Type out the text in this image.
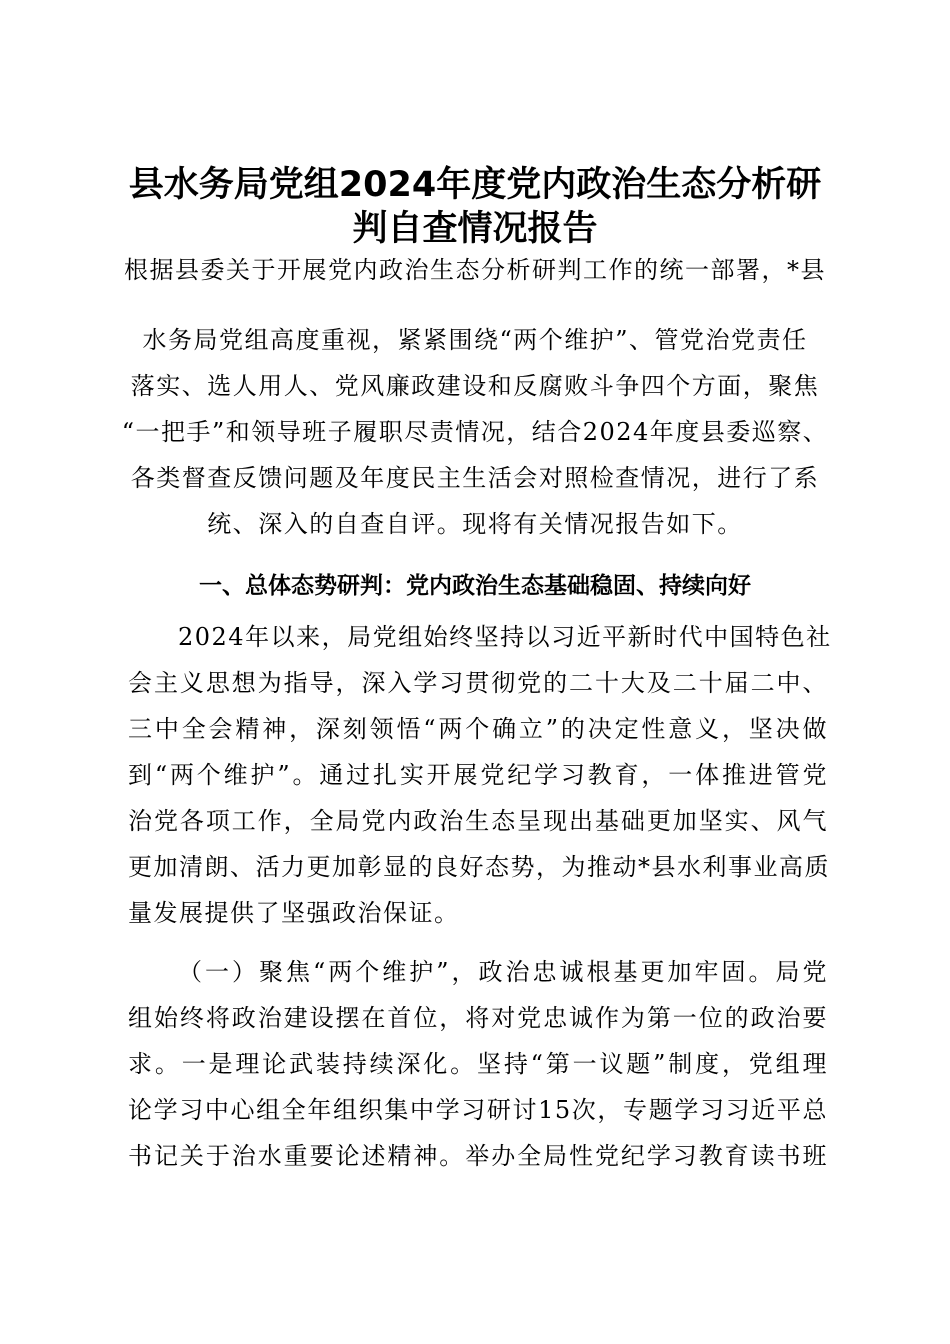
县水务局党组2024年度党内政治生态分析研
判自查情况报告
根据县委关于开展党内政治生态分析研判工作的统一部署，*县
水务局党组高度重视，紧紧围绕“两个维护”、管党治党责任
落实、选人用人、党风廉政建设和反腐败斗争四个方面，聚焦
“一把手”和领导班子履职尽责情况，结合2024年度县委巡察、
各类督查反馈问题及年度民主生活会对照检查情况，进行了系
统、深入的自查自评。现将有关情况报告如下。
一、总体态势研判：党内政治生态基础稳固、持续向好
2024年以来，局党组始终坚持以习近平新时代中国特色社
会主义思想为指导，深入学习贯彻党的二十大及二十届二中、
三中全会精神，深刻领悟“两个确立”的决定性意义，坚决做
到“两个维护”。通过扎实开展党纪学习教育，一体推进管党
治党各项工作，全局党内政治生态呈现出基础更加坚实、风气
更加清朗、活力更加彰显的良好态势，为推动*县水利事业高质
量发展提供了坚强政治保证。
（一）聚焦“两个维护”，政治忠诚根基更加牢固。局党
组始终将政治建设摆在首位，将对党忠诚作为第一位的政治要
求。一是理论武装持续深化。坚持“第一议题”制度，党组理
论学习中心组全年组织集中学习研讨15次，专题学习习近平总
书记关于治水重要论述精神。举办全局性党纪学习教育读书班
